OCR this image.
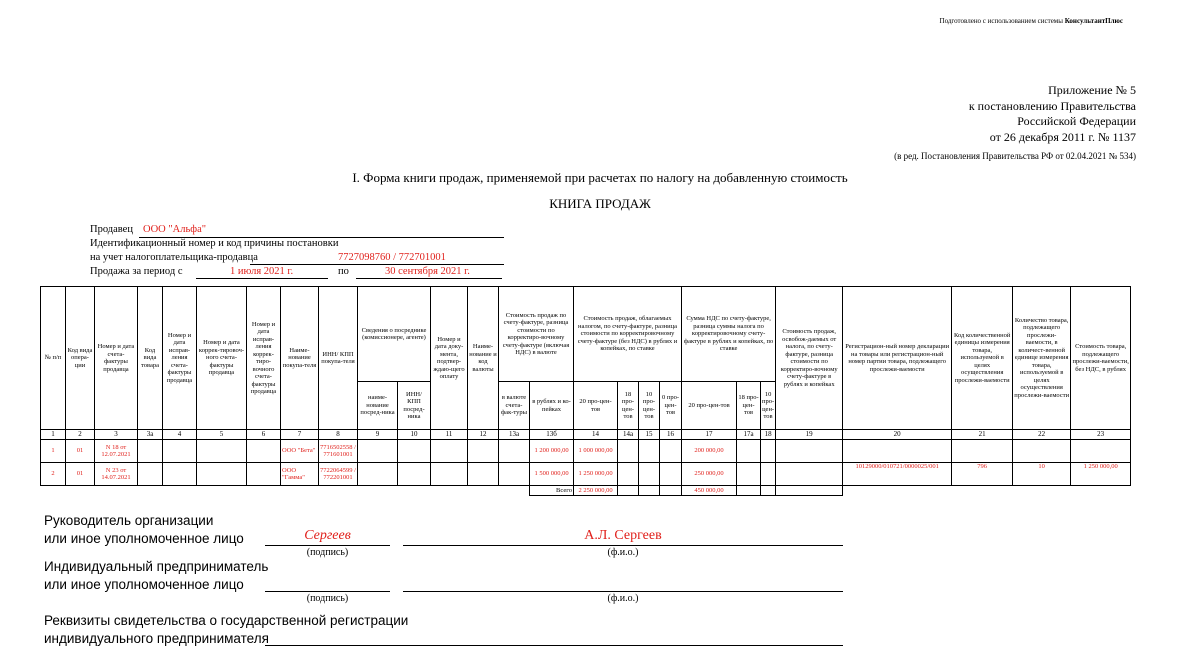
Подготовлено с использованием системы КонсультантПлюс
Приложение № 5
к постановлению Правительства
Российской Федерации
от 26 декабря 2011 г. № 1137
(в ред. Постановления Правительства РФ от 02.04.2021 № 534)
I. Форма книги продаж, применяемой при расчетах по налогу на добавленную стоимость
КНИГА ПРОДАЖ
Продавец ООО "Альфа"
Идентификационный номер и код причины постановки
на учет налогоплательщика-продавца	7727098760 / 772701001
Продажа за период с	1 июля 2021 г.	по	30 сентября 2021 г.
№ п/п	Код вида опера-ции	Номер и дата счета-фактуры продавца	Код вида товара	Номер и дата исправ-ления счета-фактуры продавца	Номер и дата коррек-тировоч-ного счета-фактуры продавца	Номер и дата исправ-ления коррек-тиро-вочного счета-фактуры продавца	Наиме-нование покупа-теля	ИНН/ КПП покупа-теля	Сведения о посреднике (комиссионере, агенте)		Номер и дата доку-мента, подтвер-ждаю-щего оплату	Наиме-нование и код валюты	Стоимость продаж по счету-фактуре, разница стоимости по корректиро-вочному счету-фактуре (включая НДС) в валюте		Стоимость продаж, облагаемых налогом, по счету-фактуре, разница стоимости по корректировочному счету-фактуре (без НДС) в рублях и копейках, по ставке				Сумма НДС по счету-фактуре, разница суммы налога по корректировочному счету-фактуре в рублях и копейках, по ставке			Стоимость продаж, освобож-даемых от налога, по счету-фактуре, разница стоимости по корректиро-вочному счету-фактуре в рублях и копейках	Регистрацион-ный номер декларации на товары или регистрацион-ный номер партии товара, подлежащего прослежи-ваемости	Код количественной единицы измерения товара, используемой в целях осуществления прослежи-ваемости	Количество товара, подлежащего прослежи-ваемости, в количест-венной единице измерения товара, используемой в целях осуществления прослежи-ваемости	Стоимость товара, подлежащего прослежи-ваемости, без НДС, в рублях
									наиме-нование посред-ника	ИНН/ КПП посред-ника			в валюте счета-фак-туры	в рублях и ко-пейках	20 про-цен-тов	18 про-цен-тов	10 про-цен-тов	0 про-цен-тов	20 про-цен-тов	18 про-цен-тов	10 про-цен-тов					
1	2	3	3а	4	5	6	7	8	9	10	11	12	13а	13б	14	14а	15	16	17	17а	18	19	20	21	22	23
1	01	N 18 от 12.07.2021					ООО "Бета"	7716502558 / 771601001						1 200 000,00	1 000 000,00				200 000,00							
2	01	N 23 от 14.07.2021					ООО "Гамма"	7722064599 / 772201001						1 500 000,00	1 250 000,00				250 000,00				10129000/010721/0000025/001	796	10	1 250 000,00
														Всего	2 250 000,00				450 000,00							
Руководитель организации
или иное уполномоченное лицо	Сергеев	А.Л. Сергеев
(подпись)	(ф.и.о.)
Индивидуальный предприниматель
или иное уполномоченное лицо
(подпись)	(ф.и.о.)
Реквизиты свидетельства о государственной регистрации
индивидуального предпринимателя
